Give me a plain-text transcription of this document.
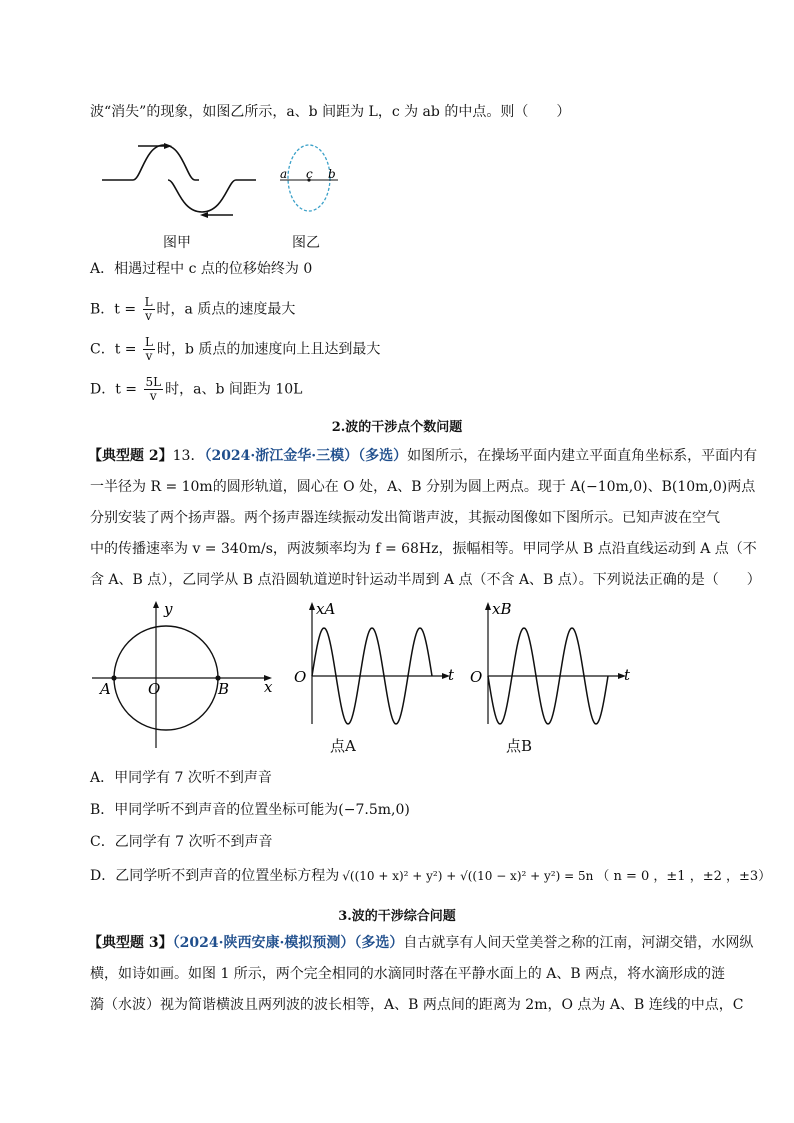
波“消失”的现象，如图乙所示，a、b 间距为 L，c 为 ab 的中点。则（　　）
图甲
a c b
图乙
A．相遇过程中 c 点的位移始终为 0
B．$t = \frac{L}{v}$ 时，a 质点的速度最大
C．$t = \frac{L}{v}$ 时，b 质点的加速度向上且达到最大
D．$t = \frac{5L}{v}$ 时，a、b 间距为 10L
2.波的干涉点个数问题
【典型题 2】13．（2024·浙江金华·三模）（多选）如图所示，在操场平面内建立平面直角坐标系，平面内有
一半径为 R = 10m的圆形轨道，圆心在 O 处，A、B 分别为圆上两点。现于 A(−10m,0)、B(10m,0)两点
分别安装了两个扬声器。两个扬声器连续振动发出简谐声波，其振动图像如下图所示。已知声波在空气
中的传播速率为 v = 340m/s，两波频率均为 f = 68Hz，振幅相等。甲同学从 B 点沿直线运动到 A 点（不
含 A、B 点），乙同学从 B 点沿圆轨道逆时针运动半周到 A 点（不含 A、B 点）。下列说法正确的是（　　）
y
x
A O	B
xA
t
O
点A
xB
t
O
点B
A．甲同学有 7 次听不到声音
B．甲同学听不到声音的位置坐标可能为(−7.5m,0)
C．乙同学有 7 次听不到声音
D．乙同学听不到声音的位置坐标方程为 √((10 + x)² + y²) + √((10 − x)² + y²) = 5n （ n = 0 ，±1 ，±2 ，±3）
3.波的干涉综合问题
【典型题 3】（2024·陕西安康·模拟预测）（多选）自古就享有人间天堂美誉之称的江南，河湖交错，水网纵
横，如诗如画。如图 1 所示，两个完全相同的水滴同时落在平静水面上的 A、B 两点，将水滴形成的涟
漪（水波）视为简谐横波且两列波的波长相等，A、B 两点间的距离为 2m，O 点为 A、B 连线的中点，C
